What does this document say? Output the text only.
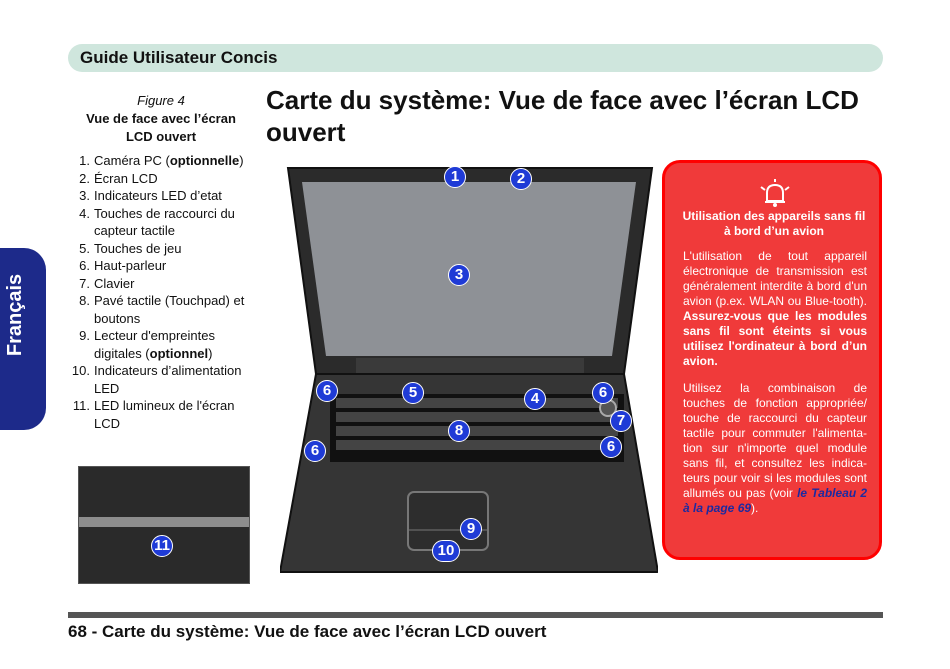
Guide Utilisateur Concis
Français
Figure 4
Vue de face avec l’écran LCD ouvert
Carte du système: Vue de face avec l’écran LCD ouvert
1. Caméra PC (optionnelle)
2. Écran LCD
3. Indicateurs LED d’etat
4. Touches de raccourci du capteur tactile
5. Touches de jeu
6. Haut-parleur
7. Clavier
8. Pavé tactile (Touchpad) et boutons
9. Lecteur d'empreintes digitales (optionnel)
10. Indicateurs d’alimentation LED
11. LED lumineux de l'écran LCD
11
1	2
3
4
5
6	6
6	6
7
8
9
10
Utilisation des appareils sans fil à bord d’un avion

L'utilisation de tout appareil électronique de transmission est généralement interdite à bord d'un avion (p.ex. WLAN ou Blue-tooth). Assurez-vous que les modules sans fil sont éteints si vous utilisez l'ordinateur à bord d’un avion.

Utilisez la combinaison de touches de fonction appropriée/ touche de raccourci du capteur tactile pour commuter l'alimenta-tion sur n'importe quel module sans fil, et consultez les indica-teurs pour voir si les modules sont allumés ou pas (voir le Tableau 2 à la page 69).

68 - Carte du système: Vue de face avec l’écran LCD ouvert
